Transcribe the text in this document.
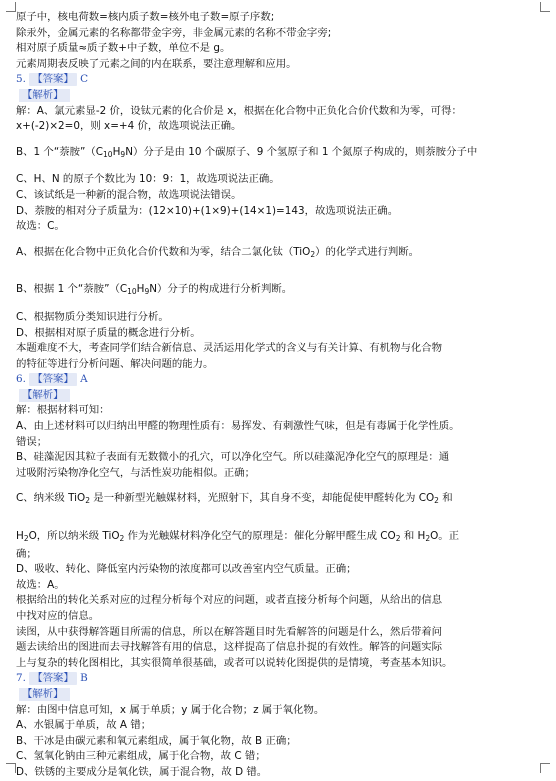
原子中，核电荷数=核内质子数=核外电子数=原子序数;
除汞外，金属元素的名称都带金字旁，非金属元素的名称不带金字旁;
相对原子质量≈质子数+中子数，单位不是 g。
元素周期表反映了元素之间的内在联系，要注意理解和应用。
5. 【答案】 C
【解析】
解：A、氯元素显-2 价，设钛元素的化合价是 x，根据在化合物中正负化合价代数和为零，可得：
x+(-2)×2=0，则 x=+4 价，故选项说法正确。
B、1 个“萘胺$”(C_{10}H_9N)$分子是由 10 个碳原子、9 个氢原子和 1 个氮原子构成的，则萘胺分子中
C、H、N 的原子个数比为 10：9：1，故选项说法正确。
C、该试纸是一种新的混合物，故选项说法错误。
D、萘胺的相对分子质量为：(12×10)+(1×9)+(14×1)=143，故选项说法正确。
故选：C。
A、根据在化合物中正负化合价代数和为零，结合二氯化钛（TiO$_2$）的化学式进行判断。
B、根据 1 个“萘胺$”(C_{10}H_9N)$分子的构成进行分析判断。
C、根据物质分类知识进行分析。
D、根据相对原子质量的概念进行分析。
本题难度不大，考查同学们结合新信息、灵活运用化学式的含义与有关计算、有机物与化合物
的特征等进行分析问题、解决问题的能力。
6. 【答案】 A
【解析】
解：根据材料可知：
A、由上述材料可以归纳出甲醛的物理性质有：易挥发、有刺激性气味，但是有毒属于化学性质。
错误；
B、硅藻泥因其粒子表面有无数微小的孔穴，可以净化空气。所以硅藻泥净化空气的原理是：通
过吸附污染物净化空气，与活性炭功能相似。正确；
C、纳米级 TiO$_2$ 是一种新型光触媒材料，光照射下，其自身不变，却能促使甲醛转化为 $CO_2$ 和
$H_2O$，所以纳米级 TiO$_2$ 作为光触媒材料净化空气的原理是：催化分解甲醛生成 $CO_2$ 和 $H_2O$。正
确；
D、吸收、转化、降低室内污染物的浓度都可以改善室内空气质量。正确；
故选：A。
根据给出的转化关系对应的过程分析每个对应的问题，或者直接分析每个问题，从给出的信息
中找对应的信息。
读图，从中获得解答题目所需的信息，所以在解答题目时先看解答的问题是什么，然后带着问
题去读给出的图进而去寻找解答有用的信息，这样提高了信息扑捉的有效性。解答的问题实际
上与复杂的转化图相比，其实很简单很基础，或者可以说转化图提供的是情境，考查基本知识。
7. 【答案】 B
【解析】
解：由图中信息可知，x 属于单质；y 属于化合物；z 属于氧化物。
A、水银属于单质，故 A 错；
B、干冰是由碳元素和氧元素组成，属于氧化物，故 B 正确；
C、氢氧化钠由三种元素组成，属于化合物，故 C 错；
D、铁锈的主要成分是氧化铁，属于混合物，故 D 错。
